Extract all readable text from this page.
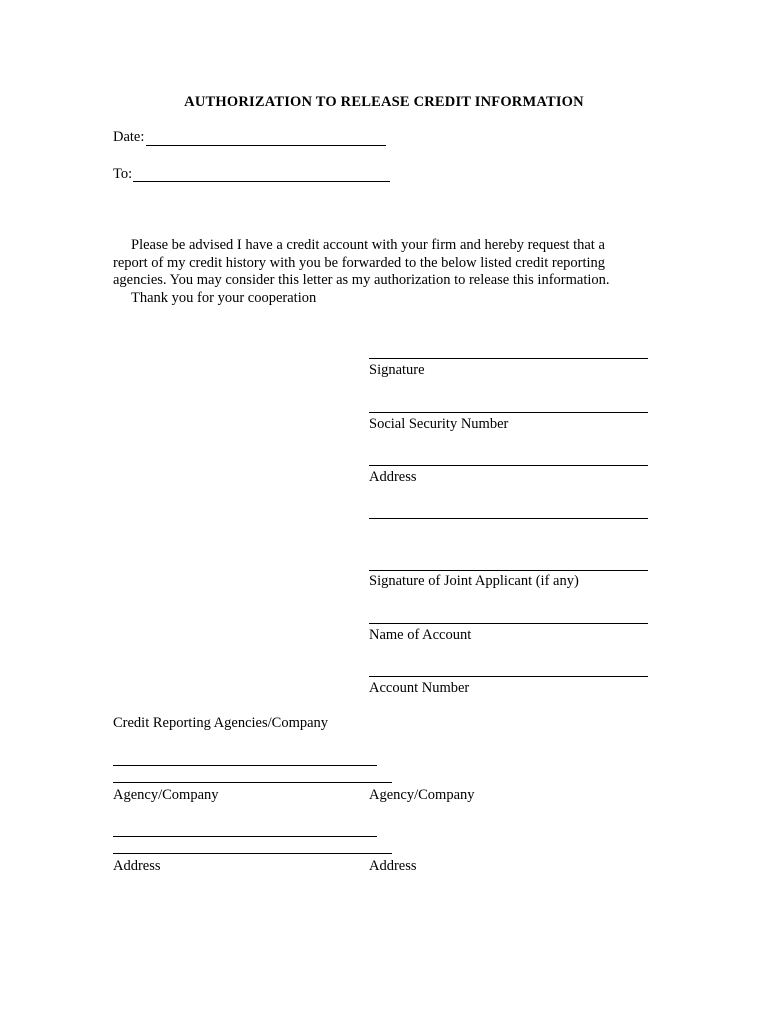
AUTHORIZATION TO RELEASE CREDIT INFORMATION
Date:
To:

Please be advised I have a credit account with your firm and hereby request that a

report of my credit history with you be forwarded to the below listed credit reporting

agencies. You may consider this letter as my authorization to release this information.

Thank you for your cooperation

Signature
Social Security Number
Address
Signature of Joint Applicant (if any)
Name of Account
Account Number
Credit Reporting Agencies/Company
Agency/Company	Agency/Company
Address	Address
